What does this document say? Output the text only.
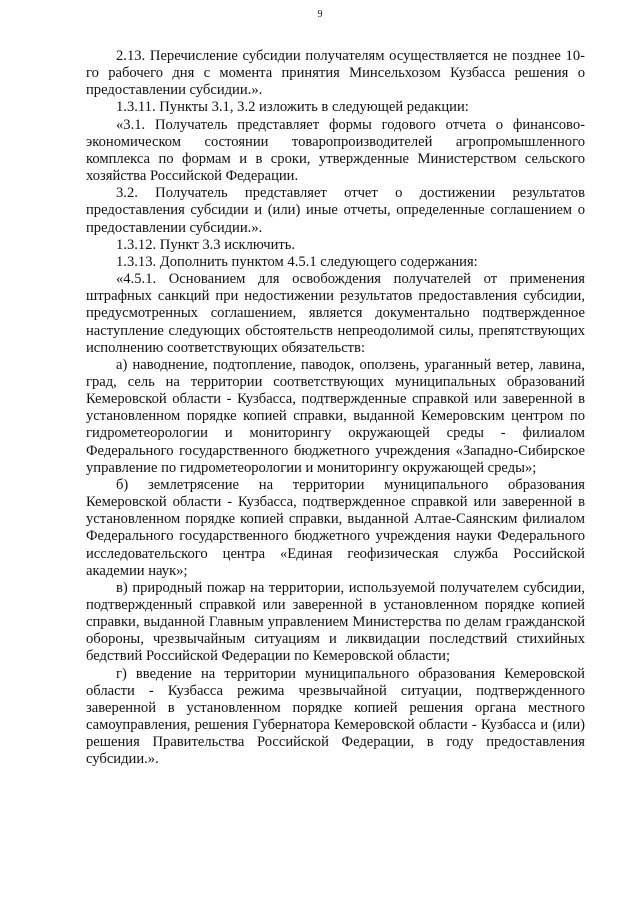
9

2.13. Перечисление субсидии получателям осуществляется не позднее 10-го рабочего дня с момента принятия Минсельхозом Кузбасса решения о предоставлении субсидии.».

1.3.11. Пункты 3.1, 3.2 изложить в следующей редакции:

«3.1. Получатель представляет формы годового отчета о финансово-экономическом состоянии товаропроизводителей агропромышленного комплекса по формам и в сроки, утвержденные Министерством сельского хозяйства Российской Федерации.

3.2. Получатель представляет отчет о достижении результатов предоставления субсидии и (или) иные отчеты, определенные соглашением о предоставлении субсидии.».

1.3.12. Пункт 3.3 исключить.

1.3.13. Дополнить пунктом 4.5.1 следующего содержания:

«4.5.1. Основанием для освобождения получателей от применения штрафных санкций при недостижении результатов предоставления субсидии, предусмотренных соглашением, является документально подтвержденное наступление следующих обстоятельств непреодолимой силы, препятствующих исполнению соответствующих обязательств:

а) наводнение, подтопление, паводок, оползень, ураганный ветер, лавина, град, сель на территории соответствующих муниципальных образований Кемеровской области - Кузбасса, подтвержденные справкой или заверенной в установленном порядке копией справки, выданной Кемеровским центром по гидрометеорологии и мониторингу окружающей среды - филиалом Федерального государственного бюджетного учреждения «Западно-Сибирское управление по гидрометеорологии и мониторингу окружающей среды»;

б) землетрясение на территории муниципального образования Кемеровской области - Кузбасса, подтвержденное справкой или заверенной в установленном порядке копией справки, выданной Алтае-Саянским филиалом Федерального государственного бюджетного учреждения науки Федерального исследовательского центра «Единая геофизическая служба Российской академии наук»;

в) природный пожар на территории, используемой получателем субсидии, подтвержденный справкой или заверенной в установленном порядке копией справки, выданной Главным управлением Министерства по делам гражданской обороны, чрезвычайным ситуациям и ликвидации последствий стихийных бедствий Российской Федерации по Кемеровской области;

г) введение на территории муниципального образования Кемеровской области - Кузбасса режима чрезвычайной ситуации, подтвержденного заверенной в установленном порядке копией решения органа местного самоуправления, решения Губернатора Кемеровской области - Кузбасса и (или) решения Правительства Российской Федерации, в году предоставления субсидии.».
